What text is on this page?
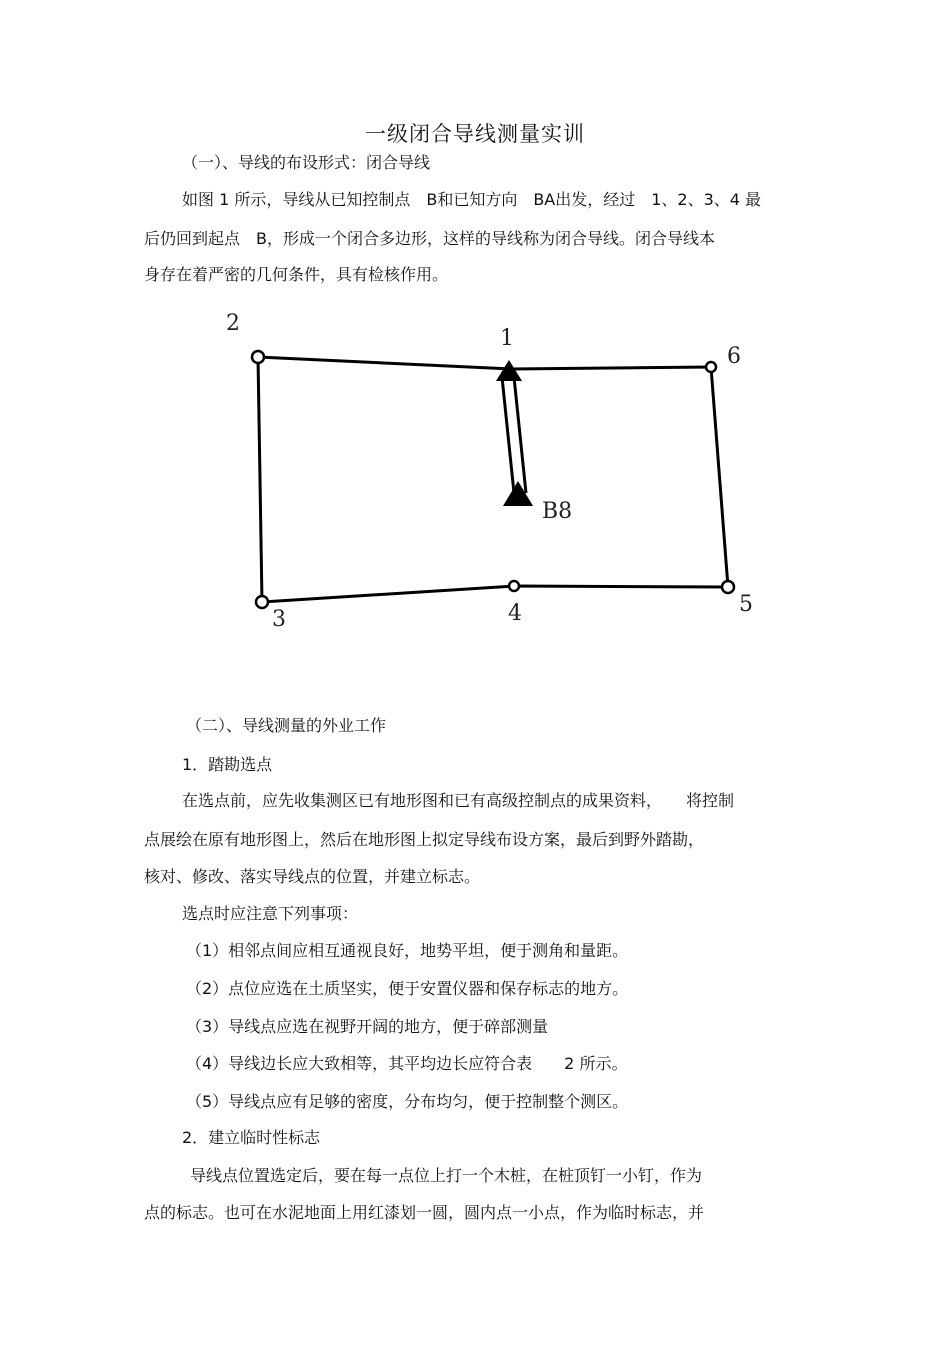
一级闭合导线测量实训
（一）、导线的布设形式：闭合导线
如图 1 所示，导线从已知控制点　B和已知方向　BA出发，经过　1、2、3、4 最
后仍回到起点　B，形成一个闭合多边形，这样的导线称为闭合导线。闭合导线本
身存在着严密的几何条件，具有检核作用。
2
1
6
B8
5
4
3
（二）、导线测量的外业工作
1．踏勘选点
在选点前，应先收集测区已有地形图和已有高级控制点的成果资料，　　将控制
点展绘在原有地形图上，然后在地形图上拟定导线布设方案，最后到野外踏勘，
核对、修改、落实导线点的位置，并建立标志。
选点时应注意下列事项：
（1）相邻点间应相互通视良好，地势平坦，便于测角和量距。
（2）点位应选在土质坚实，便于安置仪器和保存标志的地方。
（3）导线点应选在视野开阔的地方，便于碎部测量
（4）导线边长应大致相等，其平均边长应符合表　　2 所示。
（5）导线点应有足够的密度，分布均匀，便于控制整个测区。
2．建立临时性标志
导线点位置选定后，要在每一点位上打一个木桩，在桩顶钉一小钉，作为
点的标志。也可在水泥地面上用红漆划一圆，圆内点一小点，作为临时标志，并
